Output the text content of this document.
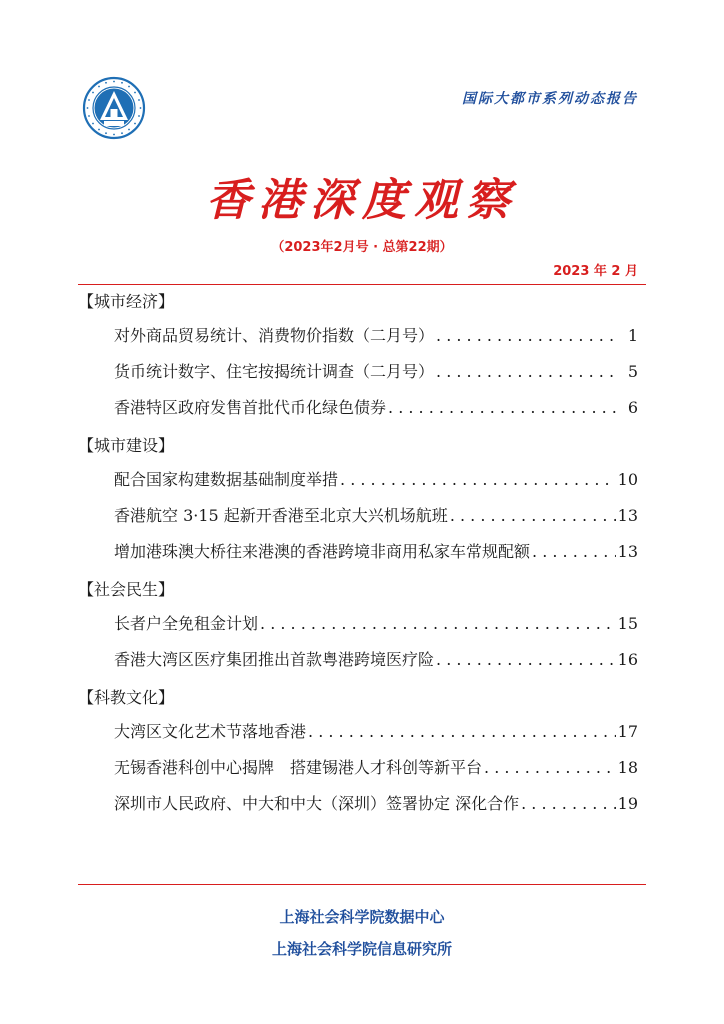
国际大都市系列动态报告
香港深度观察
（2023年2月号 · 总第22期）
2023 年 2 月
【城市经济】
对外商品贸易统计、消费物价指数（二月号） . . .	1
货币统计数字、住宅按揭统计调查（二月号） . . .	5
香港特区政府发售首批代币化绿色债券 . . .	6
【城市建设】
配合国家构建数据基础制度举措 . . .	10
香港航空 3·15 起新开香港至北京大兴机场航班 . . .	13
增加港珠澳大桥往来港澳的香港跨境非商用私家车常规配额 . . .	13
【社会民生】
长者户全免租金计划 . . .	15
香港大湾区医疗集团推出首款粤港跨境医疗险 . . .	16
【科教文化】
大湾区文化艺术节落地香港 . . .	17
无锡香港科创中心揭牌　搭建锡港人才科创等新平台 . . .	18
深圳市人民政府、中大和中大（深圳）签署协定 深化合作 . . .	19
上海社会科学院数据中心
上海社会科学院信息研究所
